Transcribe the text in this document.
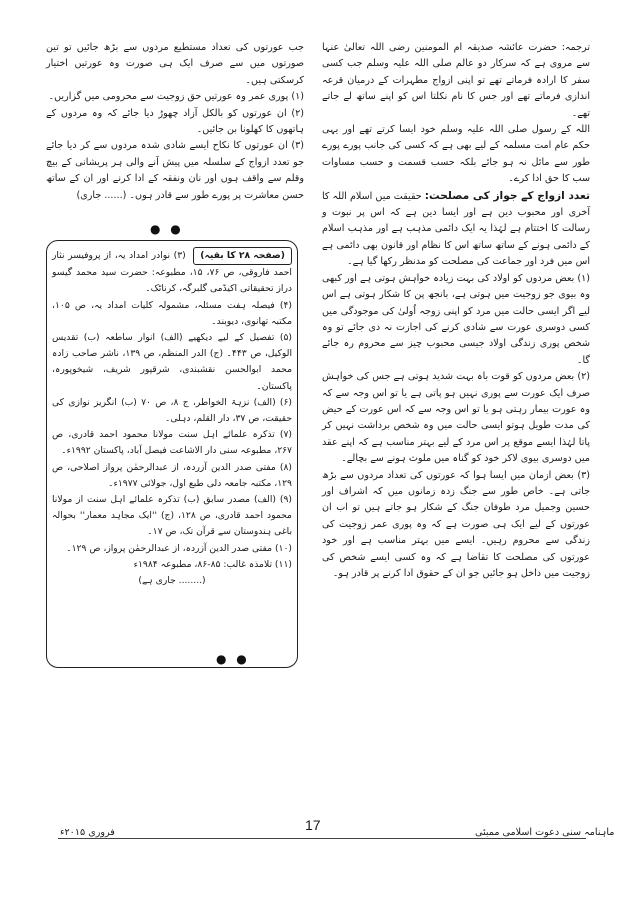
ترجمہ: حضرت عائشہ صدیقہ ام المومنین رضی اللہ تعالیٰ عنہا سے مروی ہے کہ سرکار دو عالم صلی اللہ علیہ وسلم جب کسی سفر کا ارادہ فرماتے تھے تو اپنی ازواج مطہرات کے درمیان قرعہ اندازی فرماتے تھے اور جس کا نام نکلتا اس کو اپنے ساتھ لے جاتے تھے۔

اللہ کے رسول صلی اللہ علیہ وسلم خود ایسا کرتے تھے اور یہی حکم عام امت مسلمہ کے لیے بھی ہے کہ کسی کی جانب پورے پورے طور سے مائل نہ ہو جائے بلکہ حسب قسمت و حسب مساوات سب کا حق ادا کرے۔

تعدد ازواج کے جواز کی مصلحت: حقیقت میں اسلام اللہ کا آخری اور محبوب دین ہے اور ایسا دین ہے کہ اس پر نبوت و رسالت کا اختتام ہے لہٰذا یہ ایک دائمی مذہب ہے اور مذہب اسلام کے دائمی ہونے کے ساتھ ساتھ اس کا نظام اور قانون بھی دائمی ہے اس میں فرد اور جماعت کی مصلحت کو مدنظر رکھا گیا ہے۔

(۱) بعض مردوں کو اولاد کی بہت زیادہ خواہش ہوتی ہے اور کبھی وہ بیوی جو زوجیت میں ہوتی ہے، بانجھ پن کا شکار ہوتی ہے اس لیے اگر ایسی حالت میں مرد کو اپنی زوجہ اُولیٰ کی موجودگی میں کسی دوسری عورت سے شادی کرنے کی اجازت نہ دی جائے تو وہ شخص پوری زندگی اولاد جیسی محبوب چیز سے محروم رہ جائے گا۔

(۲) بعض مردوں کو قوت باہ بہت شدید ہوتی ہے جس کی خواہش صرف ایک عورت سے پوری نہیں ہو پاتی ہے یا تو اس وجہ سے کہ وہ عورت بیمار رہتی ہو یا تو اس وجہ سے کہ اس عورت کے حیض کی مدت طویل ہوتو ایسی حالت میں وہ شخص برداشت نہیں کر پاتا لہٰذا ایسے موقع پر اس مرد کے لیے بہتر مناسب ہے کہ اپنے عقد میں دوسری بیوی لاکر خود کو گناہ میں ملوث ہونے سے بچالے۔

(۳) بعض ازمان میں ایسا ہوا کہ عورتوں کی تعداد مردوں سے بڑھ جاتی ہے۔ خاص طور سے جنگ زدہ زمانوں میں کہ اشراف اور حسین وجمیل مرد طوفان جنگ کے شکار ہو جاتے ہیں تو اب ان عورتوں کے لیے ایک ہی صورت ہے کہ وہ پوری عمر زوجیت کی زندگی سے محروم رہیں۔ ایسے میں بہتر مناسب ہے اور خود عورتوں کی مصلحت کا تقاضا ہے کہ وہ کسی ایسے شخص کی زوجیت میں داخل ہو جائیں جو ان کے حقوق ادا کرنے پر قادر ہو۔

جب عورتوں کی تعداد مستطیع مردوں سے بڑھ جائیں تو تین صورتوں میں سے صرف ایک ہی صورت وہ عورتیں اختیار کرسکتی ہیں۔

(۱) پوری عمر وہ عورتیں حق زوجیت سے محرومی میں گزاریں۔

(۲) ان عورتوں کو بالکل آزاد چھوڑ دیا جائے کہ وہ مردوں کے ہاتھوں کا کھلونا بن جائیں۔

(۳) ان عورتوں کا نکاح ایسے شادی شدہ مردوں سے کر دیا جائے جو تعدد ازواج کے سلسلہ میں پیش آنے والی ہر پریشانی کے بیچ وقلم سے واقف ہوں اور نان ونفقہ کے ادا کرنے اور ان کے ساتھ حسن معاشرت پر پورے طور سے قادر ہوں۔ (...... جاری)

● ●

(صفحہ ۲۸ کا بقیہ) (۳) نوادر امداد یہ، از پروفیسر نثار احمد فاروقی، ص ۷۶، ۱۵، مطبوعہ: حضرت سید محمد گیسو دراز تحقیقاتی اکیڈمی گلبرگہ، کرناٹک۔

(۴) فیصلہ ہفت مسئلہ، مشمولہ کلیات امداد یہ، ص ۱۰۵، مکتبہ تھانوی، دیوبند۔

(۵) تفصیل کے لیے دیکھیے (الف) انوار ساطعہ (ب) تقدیس الوکیل، ص ۴۴۳۔ (ج) الدر المنظم، ص ۱۳۹، ناشر صاحب زادہ محمد ابوالحسن نقشبندی، شرقپور شریف، شیخوپورہ، پاکستان۔

(۶) (الف) نزہۃ الخواطر، ج ۸، ص ۷۰ (ب) انگریز نوازی کی حقیقت، ص ۳۷، دار القلم، دہلی۔

(۷) تذکرہ علمائے اہل سنت مولانا محمود احمد قادری، ص ۲۶۷، مطبوعہ سنی دار الاشاعت فیصل آباد، پاکستان ۱۹۹۲ء۔

(۸) مفتی صدر الدین آزردہ، از عبدالرحمٰن پرواز اصلاحی، ص ۱۲۹، مکتبہ جامعہ دلی طبع اول، جولائی ۱۹۷۷ء۔

(۹) (الف) مصدر سابق (ب) تذکرہ علمائے اہل سنت از مولانا محمود احمد قادری، ص ۱۲۸، (ج) ''ایک مجاہد معمار'' بحوالہ باغی ہندوستان سے قرآن تک، ص ۱۷۔

(۱۰) مفتی صدر الدین آزردہ، از عبدالرحمٰن پرواز، ص ۱۲۹۔

(۱۱) تلامذہ غالب: ۸۵-۸۶، مطبوعہ ۱۹۸۴ء

(........ جاری ہے)

● ●
فروری ۲۰۱۵ء	17	ماہنامہ سنی دعوت اسلامی ممبئی
